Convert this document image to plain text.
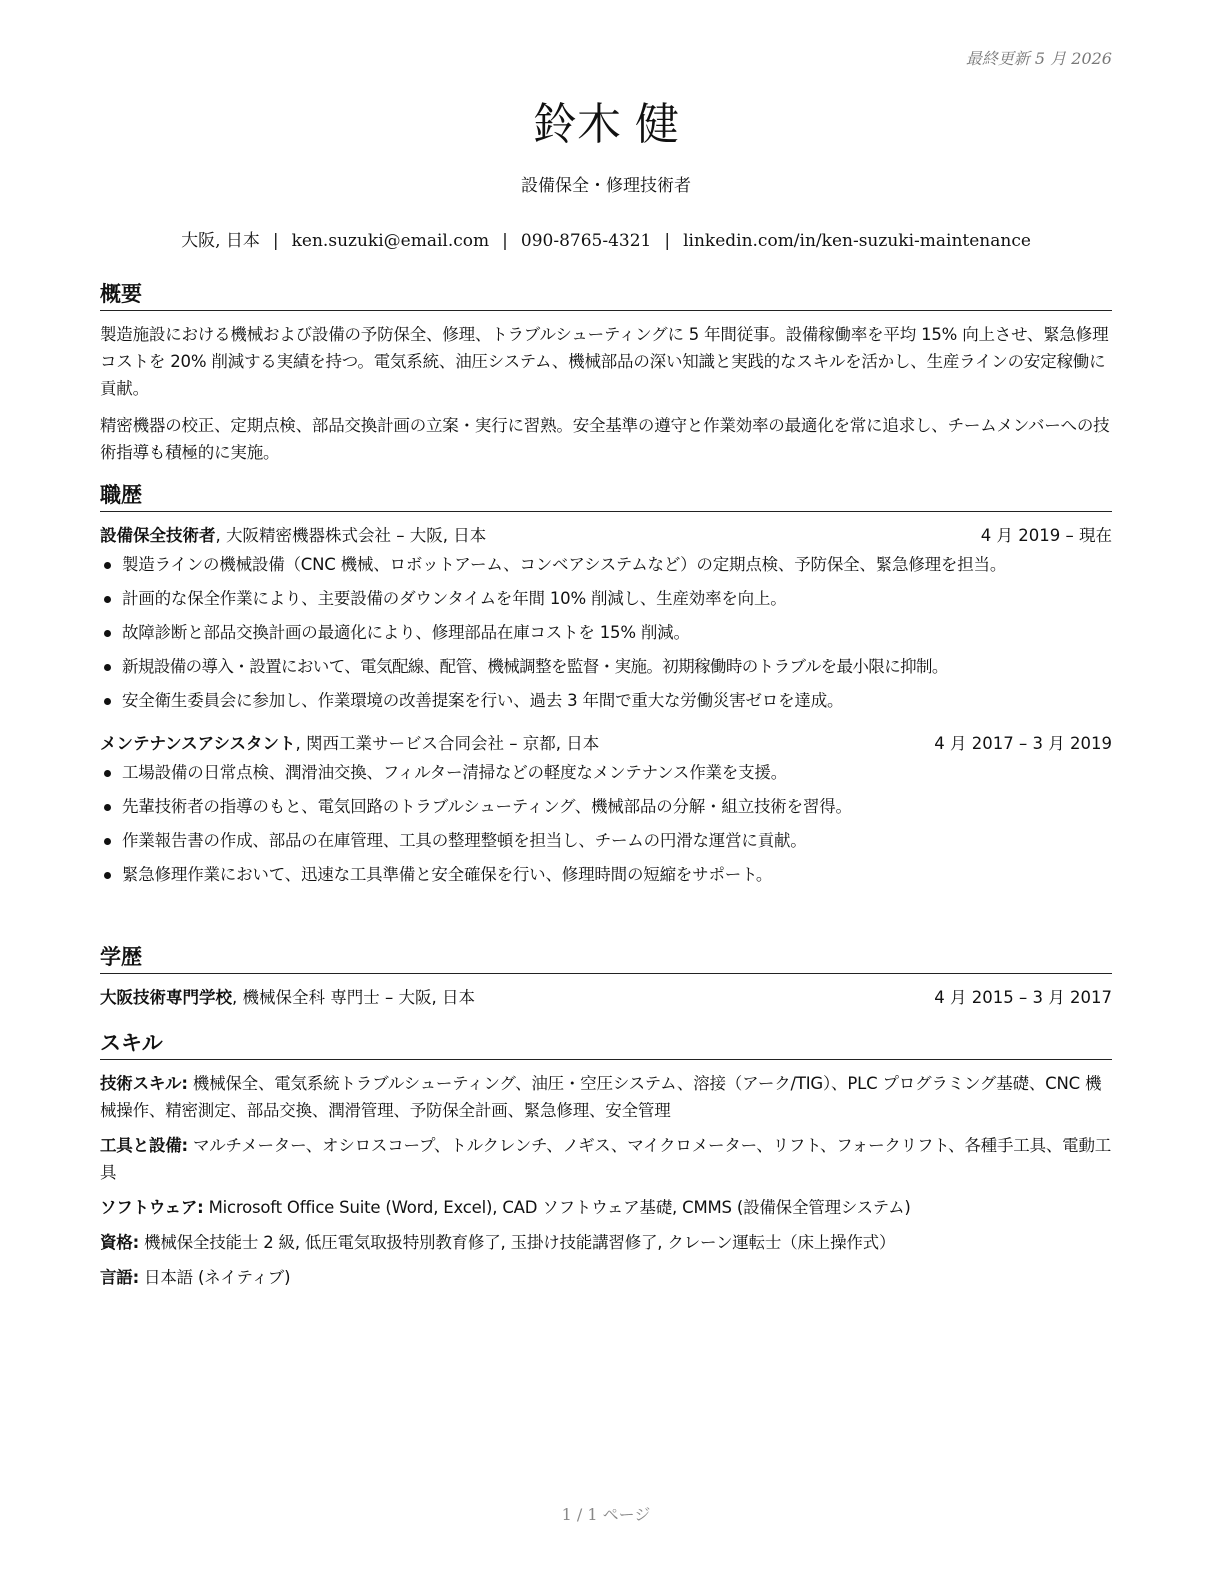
最終更新 5 月 2026
鈴木 健
設備保全・修理技術者
大阪, 日本 | ken.suzuki@email.com | 090-8765-4321 | linkedin.com/in/ken-suzuki-maintenance
概要

製造施設における機械および設備の予防保全、修理、トラブルシューティングに 5 年間従事。設備稼働率を平均 15% 向上させ、緊急修理コストを 20% 削減する実績を持つ。電気系統、油圧システム、機械部品の深い知識と実践的なスキルを活かし、生産ラインの安定稼働に貢献。

精密機器の校正、定期点検、部品交換計画の立案・実行に習熟。安全基準の遵守と作業効率の最適化を常に追求し、チームメンバーへの技術指導も積極的に実施。

職歴
設備保全技術者, 大阪精密機器株式会社 – 大阪, 日本	4 月 2019 – 現在
製造ラインの機械設備（CNC 機械、ロボットアーム、コンベアシステムなど）の定期点検、予防保全、緊急修理を担当。
計画的な保全作業により、主要設備のダウンタイムを年間 10% 削減し、生産効率を向上。
故障診断と部品交換計画の最適化により、修理部品在庫コストを 15% 削減。
新規設備の導入・設置において、電気配線、配管、機械調整を監督・実施。初期稼働時のトラブルを最小限に抑制。
安全衛生委員会に参加し、作業環境の改善提案を行い、過去 3 年間で重大な労働災害ゼロを達成。
メンテナンスアシスタント, 関西工業サービス合同会社 – 京都, 日本	4 月 2017 – 3 月 2019
工場設備の日常点検、潤滑油交換、フィルター清掃などの軽度なメンテナンス作業を支援。
先輩技術者の指導のもと、電気回路のトラブルシューティング、機械部品の分解・組立技術を習得。
作業報告書の作成、部品の在庫管理、工具の整理整頓を担当し、チームの円滑な運営に貢献。
緊急修理作業において、迅速な工具準備と安全確保を行い、修理時間の短縮をサポート。
学歴
大阪技術専門学校, 機械保全科 専門士 – 大阪, 日本	4 月 2015 – 3 月 2017
スキル
技術スキル: 機械保全、電気系統トラブルシューティング、油圧・空圧システム、溶接（アーク/TIG）、PLC プログラミング基礎、CNC 機械操作、精密測定、部品交換、潤滑管理、予防保全計画、緊急修理、安全管理
工具と設備: マルチメーター、オシロスコープ、トルクレンチ、ノギス、マイクロメーター、リフト、フォークリフト、各種手工具、電動工具
ソフトウェア: Microsoft Office Suite (Word, Excel), CAD ソフトウェア基礎, CMMS (設備保全管理システム)
資格: 機械保全技能士 2 級, 低圧電気取扱特別教育修了, 玉掛け技能講習修了, クレーン運転士（床上操作式）
言語: 日本語 (ネイティブ)
1 / 1 ページ
